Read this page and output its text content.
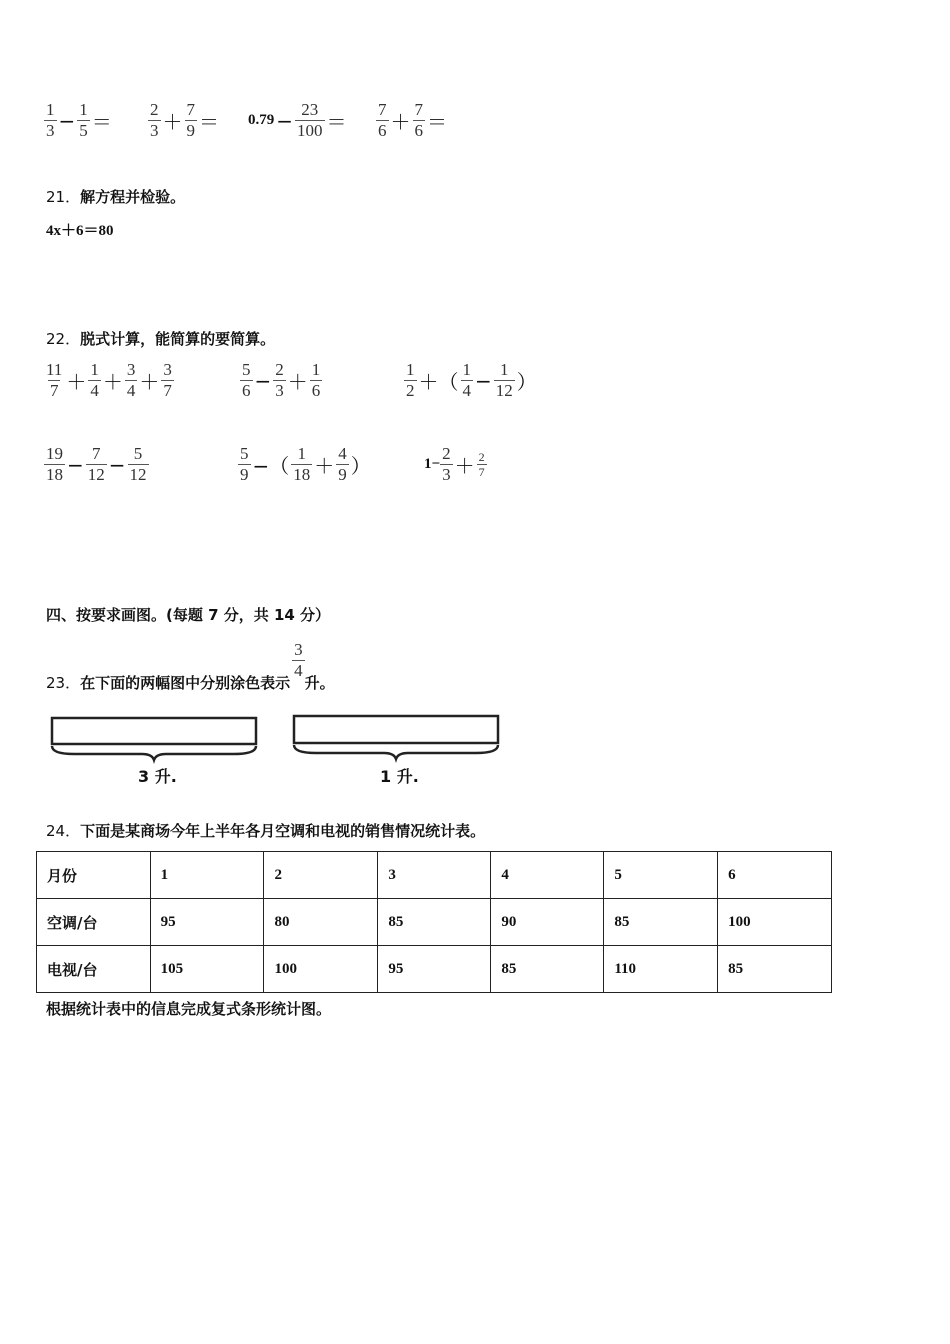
$\frac{1}{3} - \frac{1}{5} = \frac{2}{3} + \frac{7}{9} = 0.79 - \frac{23}{100} = \frac{7}{6} + \frac{7}{6}$ ＝
21．解方程并检验。
4x＋6＝80
22．脱式计算，能简算的要简算。
$\frac{11}{7} + \frac{1}{4} + \frac{3}{4} + \frac{3}{7}$	$\frac{5}{6} - \frac{2}{3} + \frac{1}{6}$	$\frac{1}{2}$ ＋（ $\frac{1}{4} - \frac{1}{12}$ ）
$\frac{19}{18} - \frac{7}{12} - \frac{5}{12}$	$\frac{5}{9}$ −（ $\frac{1}{18} + \frac{4}{9}$ ）	$1- \frac{2}{3} + \frac{2}{7}$
四、按要求画图。(每题 7 分，共 14 分）
23． 在下面的两幅图中分别涂色表示
$\frac{3}{4}$
升。
3 升.	1 升.
24．下面是某商场今年上半年各月空调和电视的销售情况统计表。
月份	1	2	3	4	5	6
空调/台	95	80	85	90	85	100
电视/台	105	100	95	85	110	85
根据统计表中的信息完成复式条形统计图。
